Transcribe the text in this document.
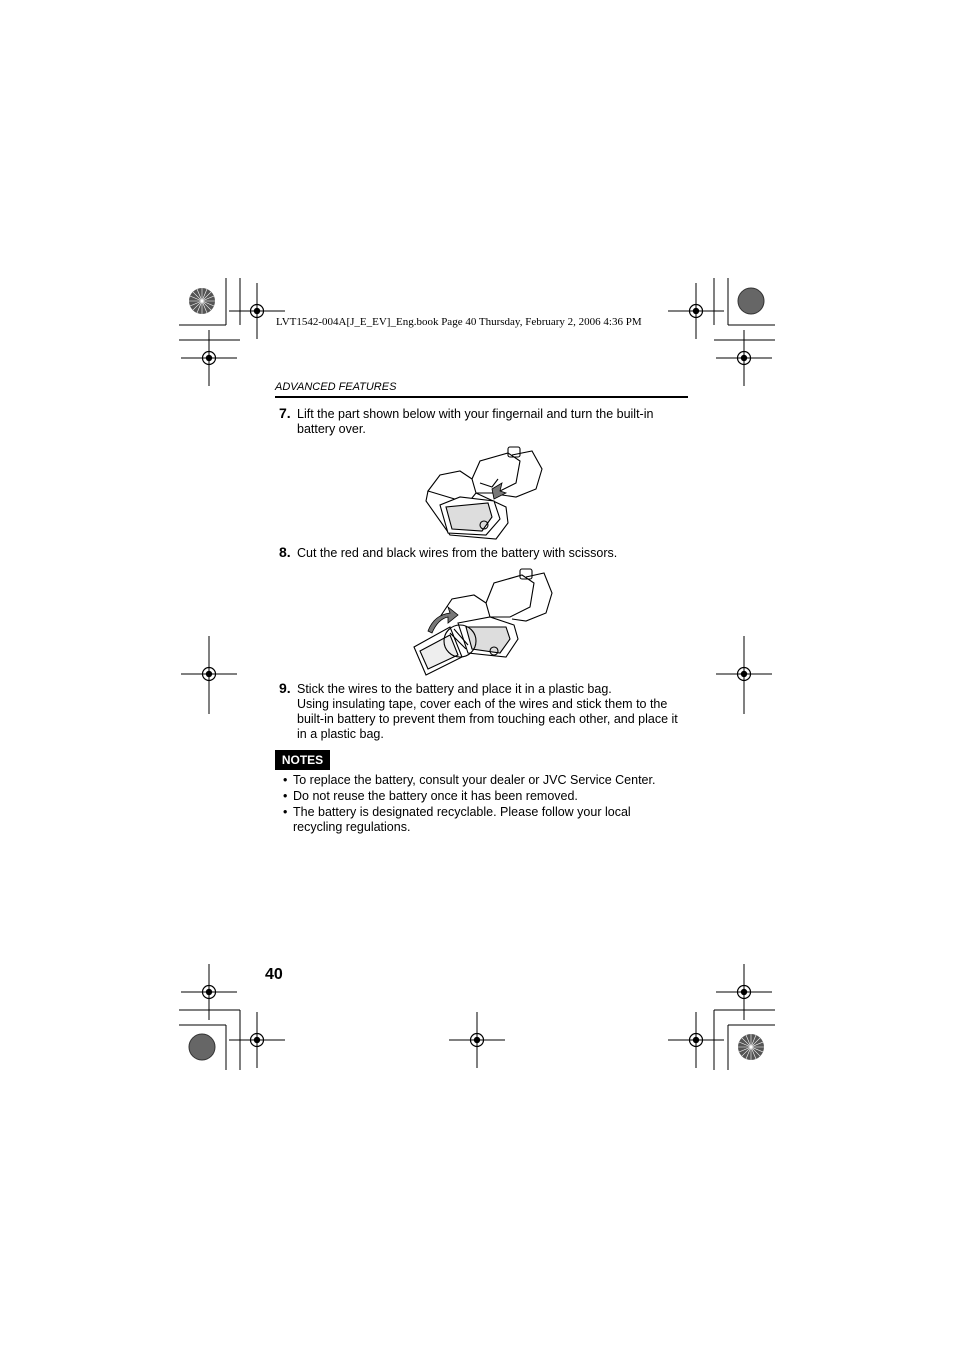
LVT1542-004A[J_E_EV]_Eng.book Page 40 Thursday, February 2, 2006 4:36 PM
ADVANCED FEATURES
7. Lift the part shown below with your fingernail and turn the built-in battery over.
8. Cut the red and black wires from the battery with scissors.
9. Stick the wires to the battery and place it in a plastic bag.
Using insulating tape, cover each of the wires and stick them to the built-in battery to prevent them from touching each other, and place it in a plastic bag.
NOTES
• To replace the battery, consult your dealer or JVC Service Center.
• Do not reuse the battery once it has been removed.
• The battery is designated recyclable. Please follow your local recycling regulations.
40
